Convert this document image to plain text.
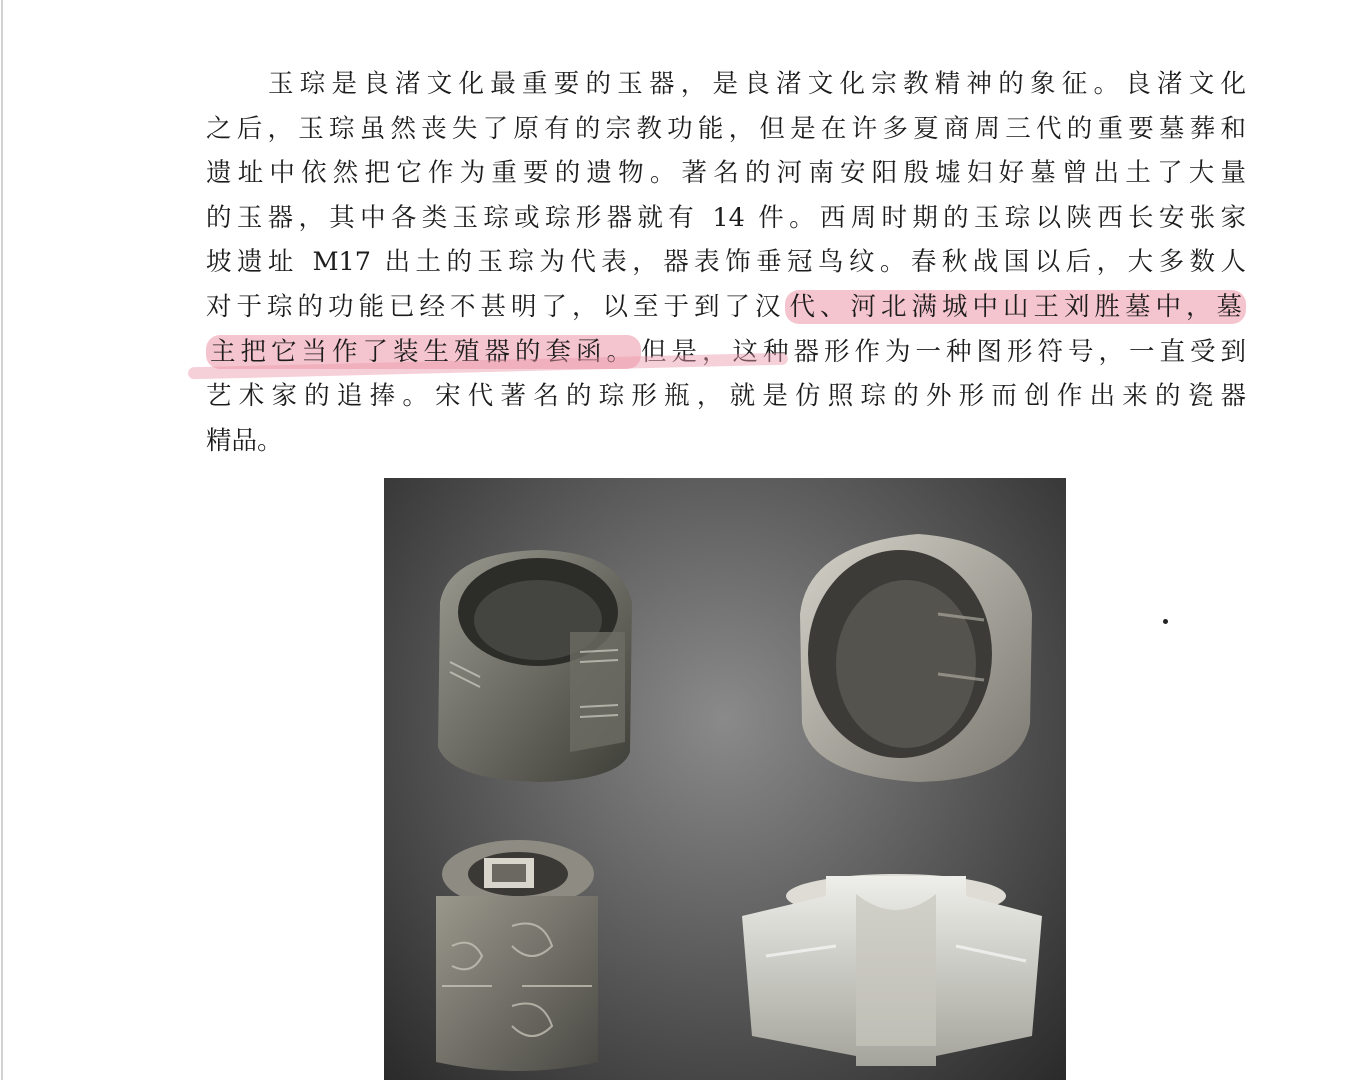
玉琮是良渚文化最重要的玉器，是良渚文化宗教精神的象征。良渚文化
之后，玉琮虽然丧失了原有的宗教功能，但是在许多夏商周三代的重要墓葬和
遗址中依然把它作为重要的遗物。著名的河南安阳殷墟妇好墓曾出土了大量
的玉器，其中各类玉琮或琮形器就有 14 件。西周时期的玉琮以陕西长安张家
坡遗址 M17 出土的玉琮为代表，器表饰垂冠鸟纹。春秋战国以后，大多数人
对于琮的功能已经不甚明了，以至于到了汉 代、河北满城中山王刘胜墓中，墓
主把它当作了装生殖器的套函。 但是，这种器形作为一种图形符号，一直受到
艺术家的追捧。宋代著名的琮形瓶，就是仿照琮的外形而创作出来的瓷器
精品。
